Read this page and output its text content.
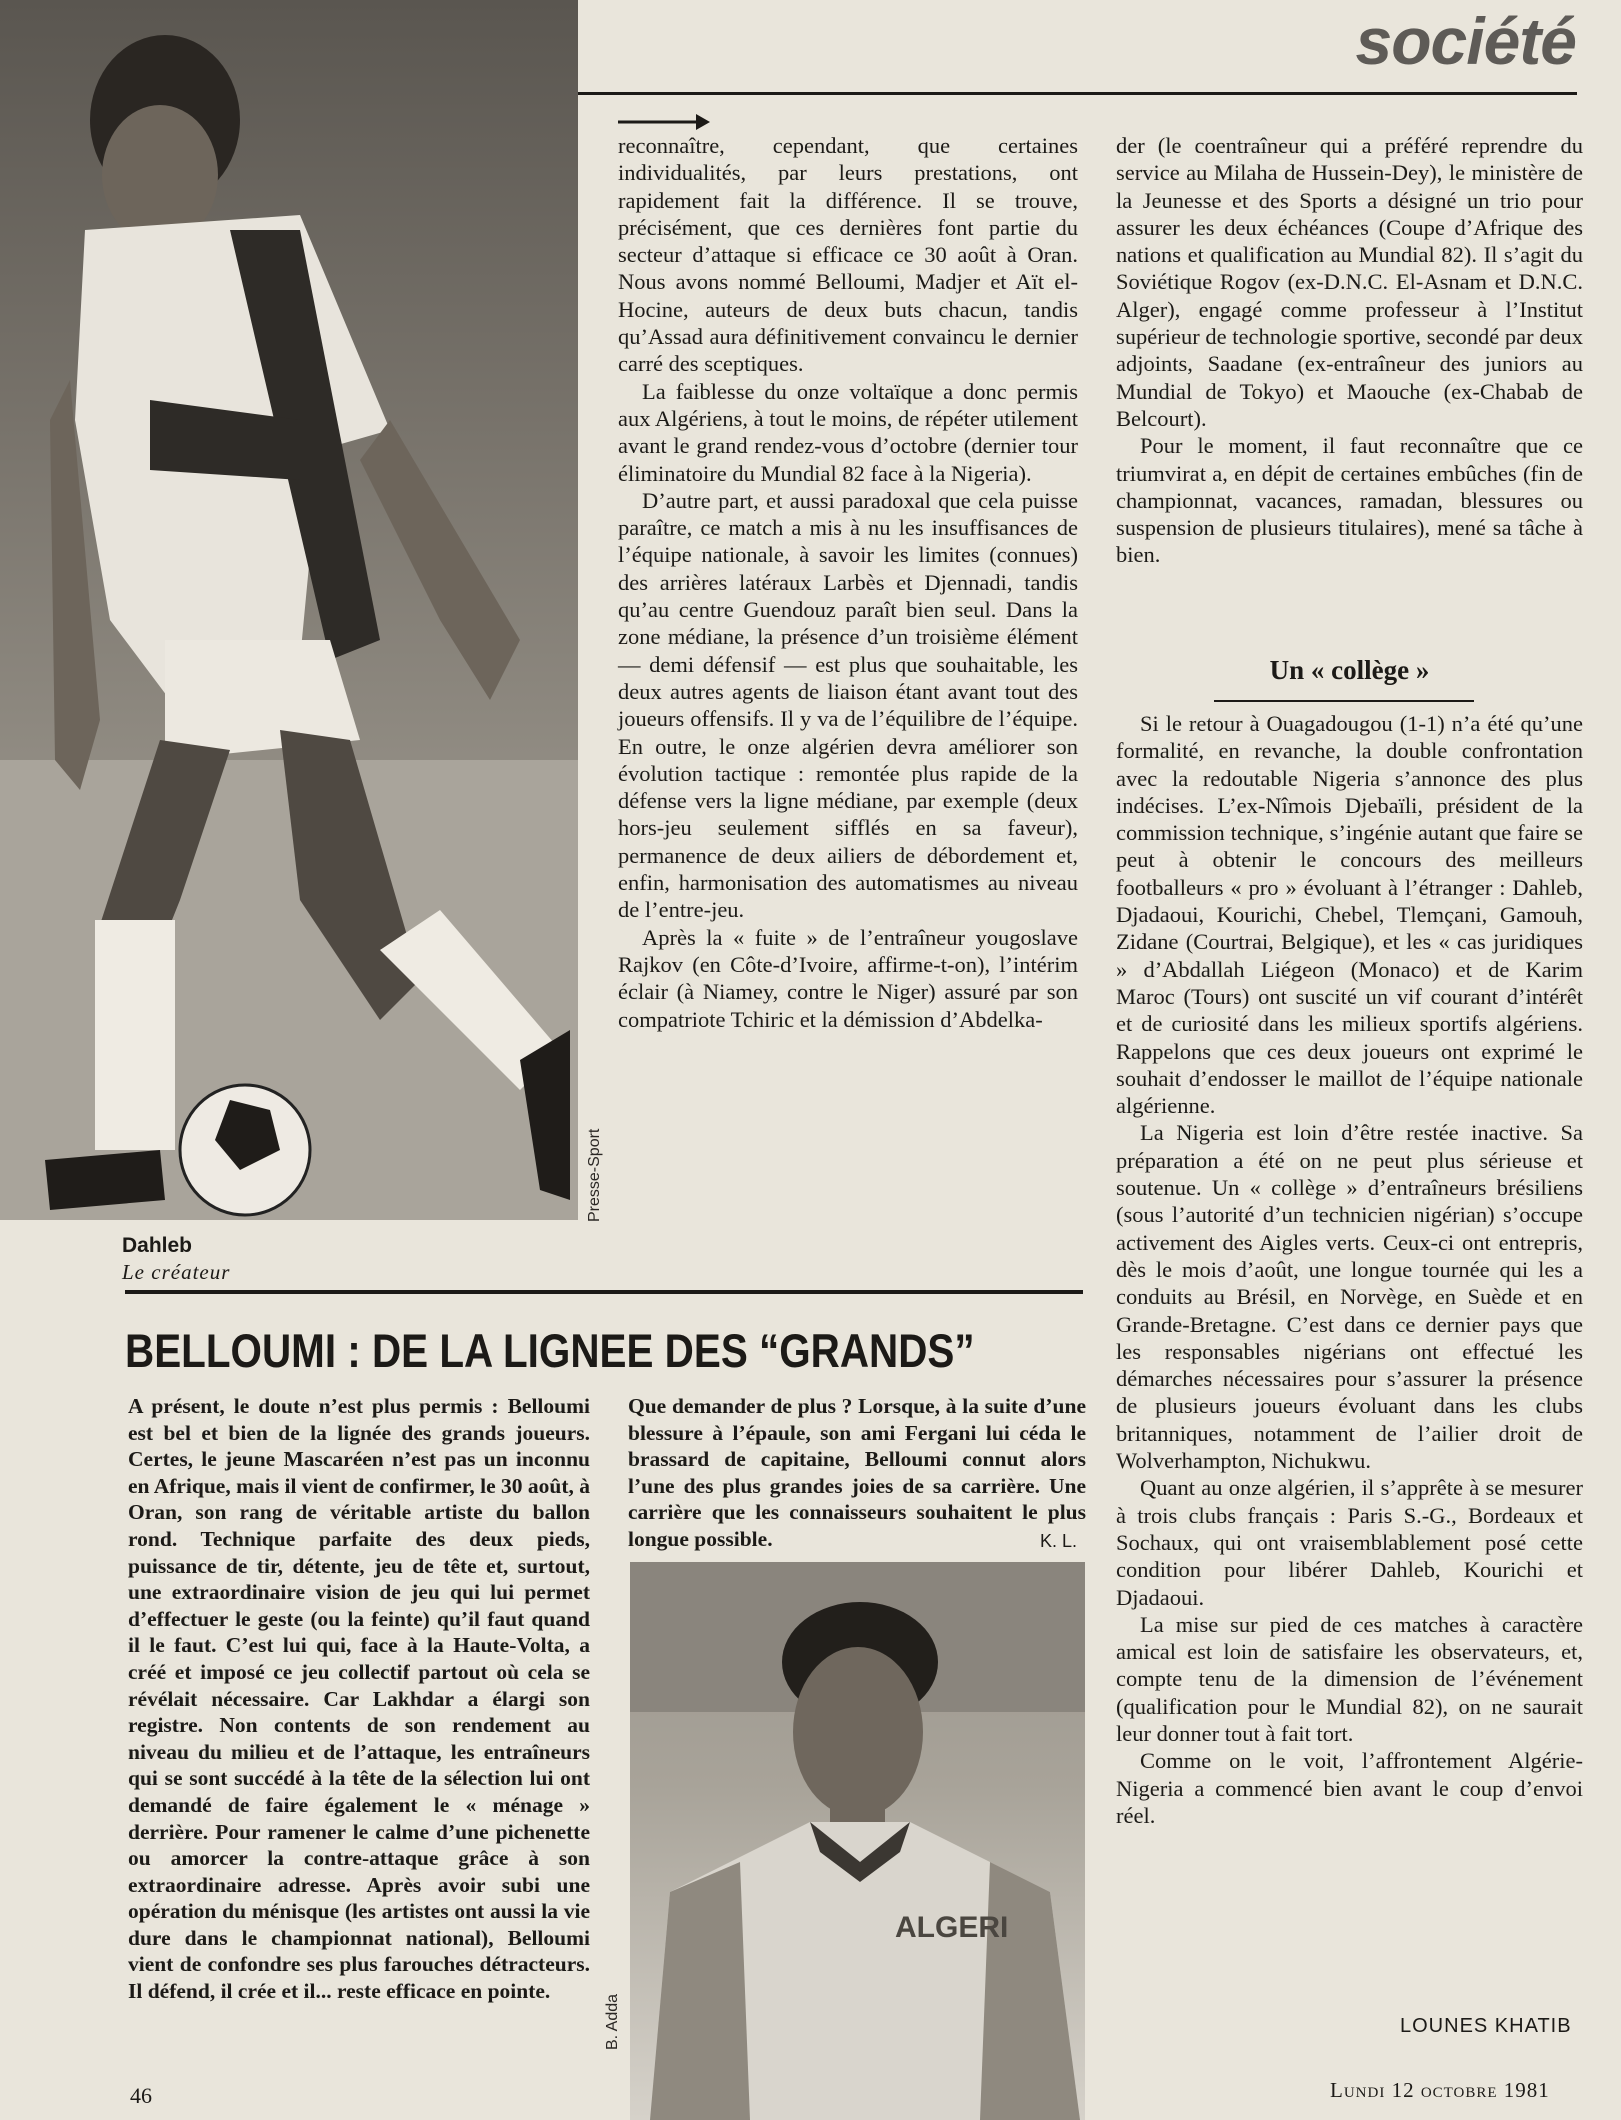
société
Presse-Sport
Dahleb
Le créateur

reconnaître, cependant, que certaines individualités, par leurs prestations, ont rapidement fait la différence. Il se trouve, précisément, que ces dernières font partie du secteur d’attaque si efficace ce 30 août à Oran. Nous avons nommé Belloumi, Madjer et Aït el-Hocine, auteurs de deux buts chacun, tandis qu’Assad aura définitivement convaincu le dernier carré des sceptiques.

La faiblesse du onze voltaïque a donc permis aux Algériens, à tout le moins, de répéter utilement avant le grand rendez-vous d’octobre (dernier tour éliminatoire du Mundial 82 face à la Nigeria).

D’autre part, et aussi paradoxal que cela puisse paraître, ce match a mis à nu les insuffisances de l’équipe nationale, à savoir les limites (connues) des arrières latéraux Larbès et Djennadi, tandis qu’au centre Guendouz paraît bien seul. Dans la zone médiane, la présence d’un troisième élément — demi défensif — est plus que souhaitable, les deux autres agents de liaison étant avant tout des joueurs offensifs. Il y va de l’équilibre de l’équipe. En outre, le onze algérien devra améliorer son évolution tactique : remontée plus rapide de la défense vers la ligne médiane, par exemple (deux hors-jeu seulement sifflés en sa faveur), permanence de deux ailiers de débordement et, enfin, harmonisation des automatismes au niveau de l’entre-jeu.

Après la « fuite » de l’entraîneur yougoslave Rajkov (en Côte-d’Ivoire, affirme-t-on), l’intérim éclair (à Niamey, contre le Niger) assuré par son compatriote Tchiric et la démission d’Abdelka-

der (le coentraîneur qui a préféré reprendre du service au Milaha de Hussein-Dey), le ministère de la Jeunesse et des Sports a désigné un trio pour assurer les deux échéances (Coupe d’Afrique des nations et qualification au Mundial 82). Il s’agit du Soviétique Rogov (ex-D.N.C. El-Asnam et D.N.C. Alger), engagé comme professeur à l’Institut supérieur de technologie sportive, secondé par deux adjoints, Saadane (ex-entraîneur des juniors au Mundial de Tokyo) et Maouche (ex-Chabab de Belcourt).

Pour le moment, il faut reconnaître que ce triumvirat a, en dépit de certaines embûches (fin de championnat, vacances, ramadan, blessures ou suspension de plusieurs titulaires), mené sa tâche à bien.

Un « collège »

Si le retour à Ouagadougou (1-1) n’a été qu’une formalité, en revanche, la double confrontation avec la redoutable Nigeria s’annonce des plus indécises. L’ex-Nîmois Djebaïli, président de la commission technique, s’ingénie autant que faire se peut à obtenir le concours des meilleurs footballeurs « pro » évoluant à l’étranger : Dahleb, Djadaoui, Kourichi, Chebel, Tlemçani, Gamouh, Zidane (Courtrai, Belgique), et les « cas juridiques » d’Abdallah Liégeon (Monaco) et de Karim Maroc (Tours) ont suscité un vif courant d’intérêt et de curiosité dans les milieux sportifs algériens. Rappelons que ces deux joueurs ont exprimé le souhait d’endosser le maillot de l’équipe nationale algérienne.

La Nigeria est loin d’être restée inactive. Sa préparation a été on ne peut plus sérieuse et soutenue. Un « collège » d’entraîneurs brésiliens (sous l’autorité d’un technicien nigérian) s’occupe activement des Aigles verts. Ceux-ci ont entrepris, dès le mois d’août, une longue tournée qui les a conduits au Brésil, en Norvège, en Suède et en Grande-Bretagne. C’est dans ce dernier pays que les responsables nigérians ont effectué les démarches nécessaires pour s’assurer la présence de plusieurs joueurs évoluant dans les clubs britanniques, notamment de l’ailier droit de Wolverhampton, Nichukwu.

Quant au onze algérien, il s’apprête à se mesurer à trois clubs français : Paris S.-G., Bordeaux et Sochaux, qui ont vraisemblablement posé cette condition pour libérer Dahleb, Kourichi et Djadaoui.

La mise sur pied de ces matches à caractère amical est loin de satisfaire les observateurs, et, compte tenu de la dimension de l’événement (qualification pour le Mundial 82), on ne saurait leur donner tout à fait tort.

Comme on le voit, l’affrontement Algérie-Nigeria a commencé bien avant le coup d’envoi réel.

LOUNES KHATIB
BELLOUMI : DE LA LIGNEE DES “GRANDS”

A présent, le doute n’est plus permis : Belloumi est bel et bien de la lignée des grands joueurs. Certes, le jeune Mascaréen n’est pas un inconnu en Afrique, mais il vient de confirmer, le 30 août, à Oran, son rang de véritable artiste du ballon rond. Technique parfaite des deux pieds, puissance de tir, détente, jeu de tête et, surtout, une extraordinaire vision de jeu qui lui permet d’effectuer le geste (ou la feinte) qu’il faut quand il le faut. C’est lui qui, face à la Haute-Volta, a créé et imposé ce jeu collectif partout où cela se révélait nécessaire. Car Lakhdar a élargi son registre. Non contents de son rendement au niveau du milieu et de l’attaque, les entraîneurs qui se sont succédé à la tête de la sélection lui ont demandé de faire également le « ménage » derrière. Pour ramener le calme d’une pichenette ou amorcer la contre-attaque grâce à son extraordinaire adresse. Après avoir subi une opération du ménisque (les artistes ont aussi la vie dure dans le championnat national), Belloumi vient de confondre ses plus farouches détracteurs. Il défend, il crée et il... reste efficace en pointe.

Que demander de plus ? Lorsque, à la suite d’une blessure à l’épaule, son ami Fergani lui céda le brassard de capitaine, Belloumi connut alors l’une des plus grandes joies de sa carrière. Une carrière que les connaisseurs souhaitent le plus longue possible.	K. L.
ALGERI
B. Adda
46	Lundi 12 octobre 1981
